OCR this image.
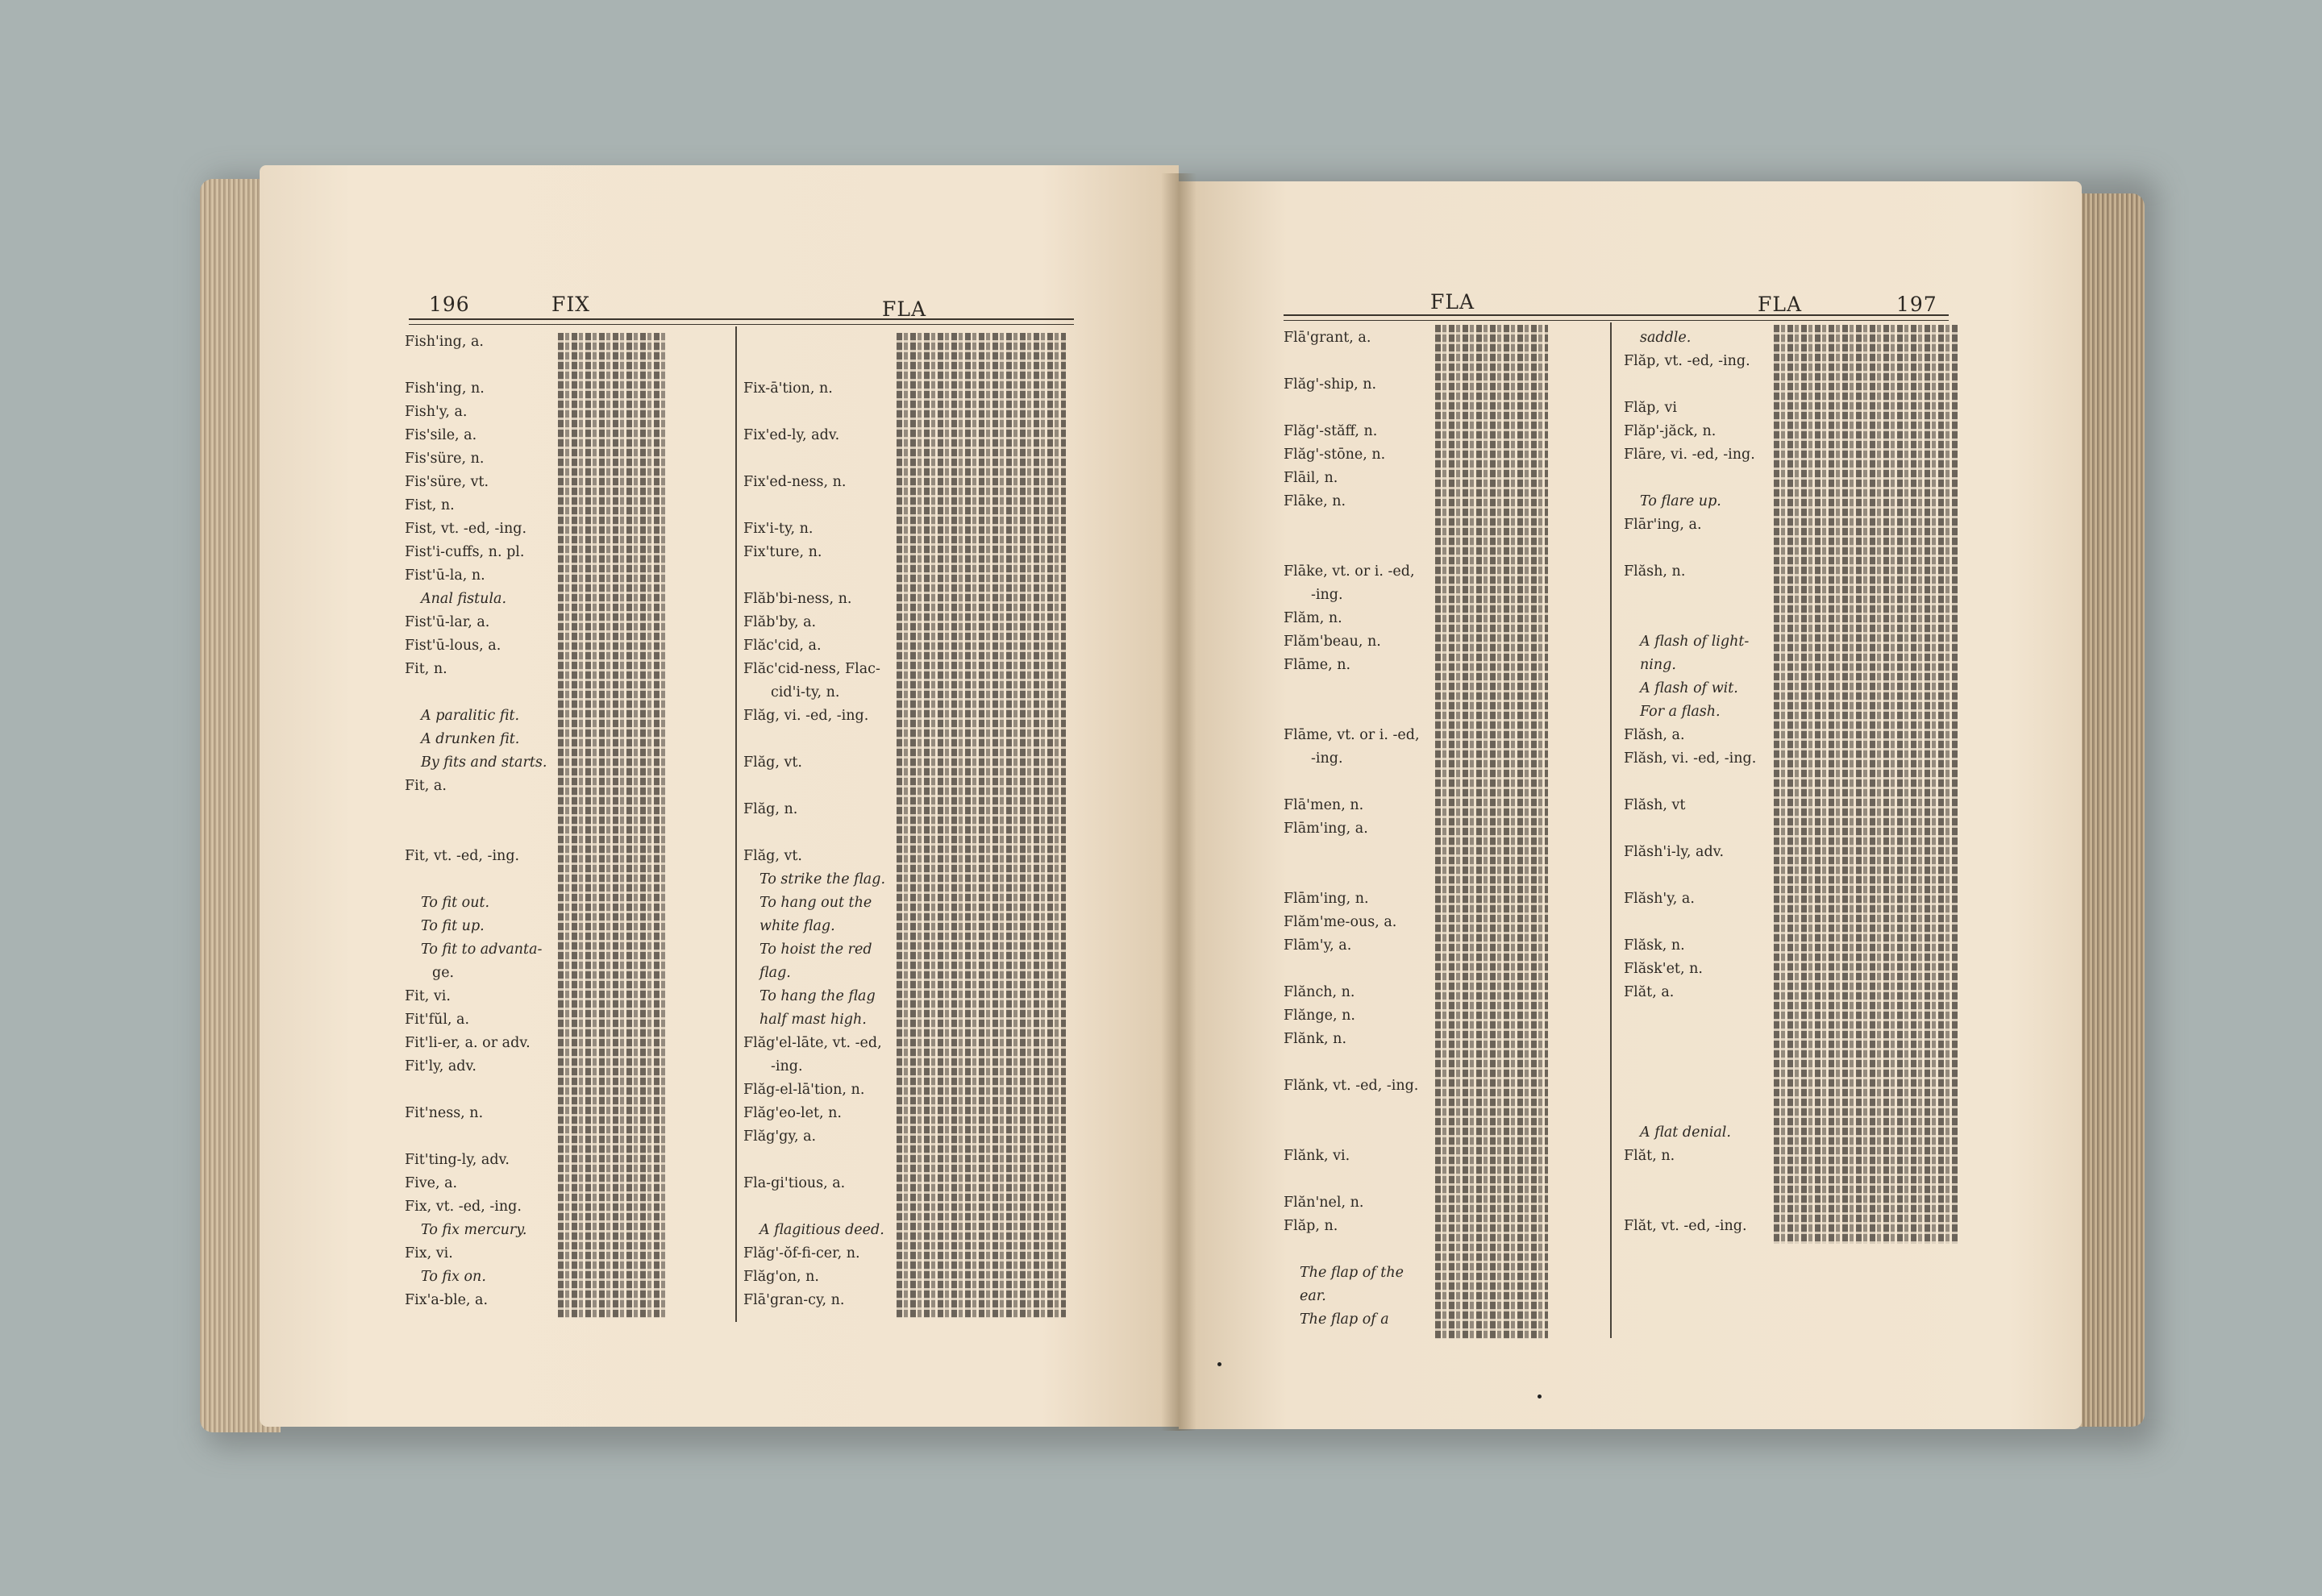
196	FIX	FLA
Fish'ing, a.
Fish'ing, n.
Fish'y, a.
Fis'sile, a.
Fis'süre, n.
Fis'süre, vt.
Fist, n.
Fist, vt. -ed, -ing.
Fist'i-cuffs, n. pl.
Fist'ū-la, n.
Anal fistula.
Fist'ū-lar, a.
Fist'ū-lous, a.
Fit, n.
A paralitic fit.
A drunken fit.
By fits and starts.
Fit, a.
Fit, vt. -ed, -ing.
To fit out.
To fit up.
To fit to advanta-
ge.
Fit, vi.
Fit'fŭl, a.
Fit'li-er, a. or adv.
Fit'ly, adv.
Fit'ness, n.
Fit'ting-ly, adv.
Five, a.
Fix, vt. -ed, -ing.
To fix mercury.
Fix, vi.
To fix on.
Fix'a-ble, a.
Fix-ā'tion, n.
Fix'ed-ly, adv.
Fix'ed-ness, n.
Fix'i-ty, n.
Fix'ture, n.
Flăb'bi-ness, n.
Flăb'by, a.
Flăc'cid, a.
Flăc'cid-ness, Flac-
cid'i-ty, n.
Flăg, vi. -ed, -ing.
Flăg, vt.
Flăg, n.
Flăg, vt.
To strike the flag.
To hang out the
white flag.
To hoist the red
flag.
To hang the flag
half mast high.
Flăg'el-lāte, vt. -ed,
-ing.
Flăg-el-lā'tion, n.
Flăg'eo-let, n.
Flăg'gy, a.
Fla-gi'tious, a.
A flagitious deed.
Flăg'-ŏf-fi-cer, n.
Flăg'on, n.
Flā'gran-cy, n.
FLA	FLA	197
Flā'grant, a.
Flăg'-ship, n.
Flăg'-stăff, n.
Flăg'-stōne, n.
Flāil, n.
Flāke, n.
Flāke, vt. or i. -ed,
-ing.
Flăm, n.
Flăm'beau, n.
Flāme, n.
Flāme, vt. or i. -ed,
-ing.
Flā'men, n.
Flām'ing, a.
Flām'ing, n.
Flăm'me-ous, a.
Flām'y, a.
Flănch, n.
Flănge, n.
Flănk, n.
Flănk, vt. -ed, -ing.
Flănk, vi.
Flăn'nel, n.
Flăp, n.
The flap of the
ear.
The flap of a
saddle.
Flăp, vt. -ed, -ing.
Flăp, vi
Flăp'-jăck, n.
Flāre, vi. -ed, -ing.
To flare up.
Flār'ing, a.
Flăsh, n.
A flash of light-
ning.
A flash of wit.
For a flash.
Flăsh, a.
Flăsh, vi. -ed, -ing.
Flăsh, vt
Flăsh'i-ly, adv.
Flăsh'y, a.
Flăsk, n.
Flăsk'et, n.
Flăt, a.
A flat denial.
Flăt, n.
Flăt, vt. -ed, -ing.
